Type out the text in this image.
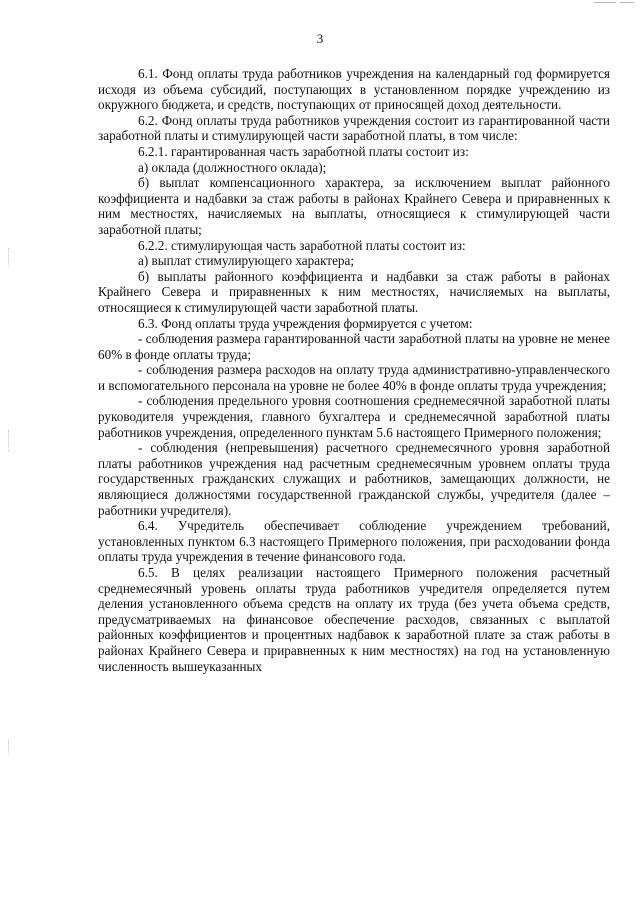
3

6.1. Фонд оплаты труда работников учреждения на календарный год формируется исходя из объема субсидий, поступающих в установленном порядке учреждению из окружного бюджета, и средств, поступающих от приносящей доход деятельности.

6.2. Фонд оплаты труда работников учреждения состоит из гарантированной части заработной платы и стимулирующей части заработной платы, в том числе:

6.2.1. гарантированная часть заработной платы состоит из:

а) оклада (должностного оклада);

б) выплат компенсационного характера, за исключением выплат районного коэффициента и надбавки за стаж работы в районах Крайнего Севера и приравненных к ним местностях, начисляемых на выплаты, относящиеся к стимулирующей части заработной платы;

6.2.2. стимулирующая часть заработной платы состоит из:

а) выплат стимулирующего характера;

б) выплаты районного коэффициента и надбавки за стаж работы в районах Крайнего Севера и приравненных к ним местностях, начисляемых на выплаты, относящиеся к стимулирующей части заработной платы.

6.3. Фонд оплаты труда учреждения формируется с учетом:

- соблюдения размера гарантированной части заработной платы на уровне не менее 60% в фонде оплаты труда;

- соблюдения размера расходов на оплату труда административно-управленческого и вспомогательного персонала на уровне не более 40% в фонде оплаты труда учреждения;

- соблюдения предельного уровня соотношения среднемесячной заработной платы руководителя учреждения, главного бухгалтера и среднемесячной заработной платы работников учреждения, определенного пунктам 5.6 настоящего Примерного положения;

- соблюдения (непревышения) расчетного среднемесячного уровня заработной платы работников учреждения над расчетным среднемесячным уровнем оплаты труда государственных гражданских служащих и работников, замещающих должности, не являющиеся должностями государственной гражданской службы, учредителя (далее – работники учредителя).

6.4. Учредитель обеспечивает соблюдение учреждением требований, установленных пунктом 6.3 настоящего Примерного положения, при расходовании фонда оплаты труда учреждения в течение финансового года.

6.5. В целях реализации настоящего Примерного положения расчетный среднемесячный уровень оплаты труда работников учредителя определяется путем деления установленного объема средств на оплату их труда (без учета объема средств, предусматриваемых на финансовое обеспечение расходов, связанных с выплатой районных коэффициентов и процентных надбавок к заработной плате за стаж работы в районах Крайнего Севера и приравненных к ним местностях) на год на установленную численность вышеуказанных
